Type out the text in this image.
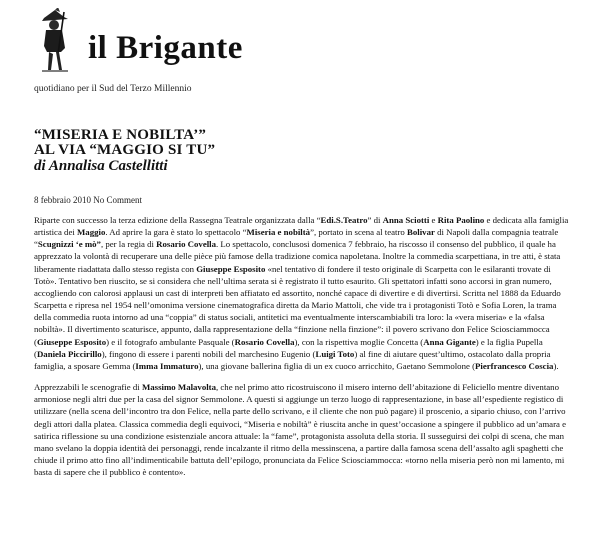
il Brigante
quotidiano per il Sud del Terzo Millennio
“MISERIA E NOBILTA’”
AL VIA “MAGGIO SI TU”
di Annalisa Castellitti
8 febbraio 2010 No Comment

Riparte con successo la terza edizione della Rassegna Teatrale organizzata dalla “Edi.S.Teatro” di Anna Sciotti e Rita Paolino e dedicata alla famiglia artistica dei Maggio. Ad aprire la gara è stato lo spettacolo “Miseria e nobiltà”, portato in scena al teatro Bolivar di Napoli dalla compagnia teatrale “Scugnizzi ‘e mò”, per la regia di Rosario Covella. Lo spettacolo, conclusosi domenica 7 febbraio, ha riscosso il consenso del pubblico, il quale ha apprezzato la volontà di recuperare una delle pièce più famose della tradizione comica napoletana. Inoltre la commedia scarpettiana, in tre atti, è stata liberamente riadattata dallo stesso regista con Giuseppe Esposito «nel tentativo di fondere il testo originale di Scarpetta con le esilaranti trovate di Totò». Tentativo ben riuscito, se si considera che nell’ultima serata si è registrato il tutto esaurito. Gli spettatori infatti sono accorsi in gran numero, accogliendo con calorosi applausi un cast di interpreti ben affiatato ed assortito, nonché capace di divertire e di divertirsi. Scritta nel 1888 da Eduardo Scarpetta e ripresa nel 1954 nell’omonima versione cinematografica diretta da Mario Mattoli, che vide tra i protagonisti Totò e Sofia Loren, la trama della commedia ruota intorno ad una “coppia” di status sociali, antitetici ma eventualmente interscambiabili tra loro: la «vera miseria» e la «falsa nobiltà». Il divertimento scaturisce, appunto, dalla rappresentazione della “finzione nella finzione”: il povero scrivano don Felice Sciosciammocca (Giuseppe Esposito) e il fotografo ambulante Pasquale (Rosario Covella), con la rispettiva moglie Concetta (Anna Gigante) e la figlia Pupella (Daniela Piccirillo), fingono di essere i parenti nobili del marchesino Eugenio (Luigi Toto) al fine di aiutare quest’ultimo, ostacolato dalla propria famiglia, a sposare Gemma (Imma Immaturo), una giovane ballerina figlia di un ex cuoco arricchito, Gaetano Semmolone (Pierfrancesco Coscia).

Apprezzabili le scenografie di Massimo Malavolta, che nel primo atto ricostruiscono il misero interno dell’abitazione di Feliciello mentre diventano armoniose negli altri due per la casa del signor Semmolone. A questi si aggiunge un terzo luogo di rappresentazione, in base all’espediente registico di utilizzare (nella scena dell’incontro tra don Felice, nella parte dello scrivano, e il cliente che non può pagare) il proscenio, a sipario chiuso, con l’arrivo degli attori dalla platea. Classica commedia degli equivoci, “Miseria e nobiltà” è riuscita anche in quest’occasione a spingere il pubblico ad un’amara e satirica riflessione su una condizione esistenziale ancora attuale: la “fame”, protagonista assoluta della storia. Il susseguirsi dei colpi di scena, che man mano svelano la doppia identità dei personaggi, rende incalzante il ritmo della messinscena, a partire dalla famosa scena dell’assalto agli spaghetti che chiude il primo atto fino all’indimenticabile battuta dell’epilogo, pronunciata da Felice Sciosciammocca: «torno nella miseria però non mi lamento, mi basta di sapere che il pubblico è contento».
